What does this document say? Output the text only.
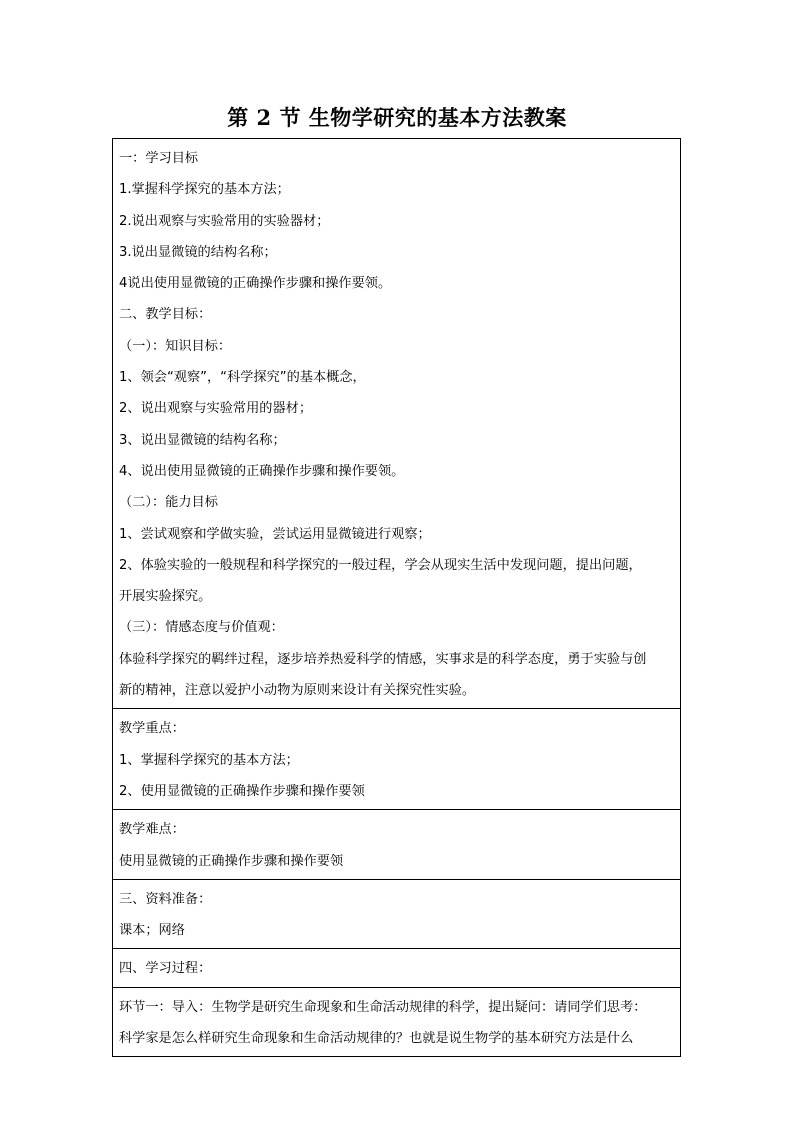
第 2 节 生物学研究的基本方法教案
一：学习目标
1.掌握科学探究的基本方法；
2.说出观察与实验常用的实验器材；
3.说出显微镜的结构名称；
4说出使用显微镜的正确操作步骤和操作要领。
二、教学目标：
（一）：知识目标：
1、领会“观察”，“科学探究”的基本概念，
2、说出观察与实验常用的器材；
3、说出显微镜的结构名称；
4、说出使用显微镜的正确操作步骤和操作要领。
（二）：能力目标
1、尝试观察和学做实验，尝试运用显微镜进行观察；
2、体验实验的一般规程和科学探究的一般过程，学会从现实生活中发现问题，提出问题，
开展实验探究。
（三）：情感态度与价值观：
体验科学探究的羁绊过程，逐步培养热爱科学的情感，实事求是的科学态度，勇于实验与创
新的精神，注意以爱护小动物为原则来设计有关探究性实验。

教学重点：
1、掌握科学探究的基本方法；
2、使用显微镜的正确操作步骤和操作要领

教学难点：
使用显微镜的正确操作步骤和操作要领

三、资料准备：
课本；网络

四、学习过程：

环节一：导入：生物学是研究生命现象和生命活动规律的科学，提出疑问：请同学们思考：
科学家是怎么样研究生命现象和生命活动规律的？也就是说生物学的基本研究方法是什么
